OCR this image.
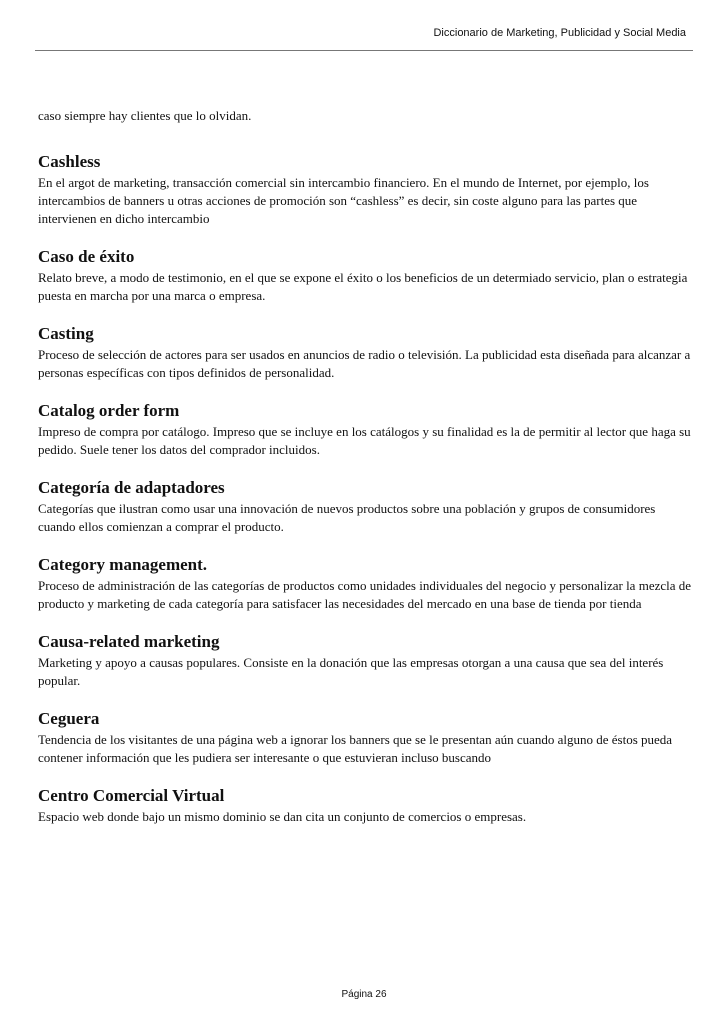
Diccionario de Marketing, Publicidad y Social Media

caso siempre hay clientes que lo olvidan.

Cashless

En el argot de marketing, transacción comercial sin intercambio financiero. En el mundo de Internet, por ejemplo, los intercambios de banners u otras acciones de promoción son “cashless” es decir, sin coste alguno para las partes que intervienen en dicho intercambio

Caso de éxito

Relato breve, a modo de testimonio, en el que se expone el éxito o los beneficios de un determiado servicio, plan o estrategia puesta en marcha por una marca o empresa.

Casting

Proceso de selección de actores para ser usados en anuncios de radio o televisión. La publicidad esta diseñada para alcanzar a personas específicas con tipos definidos de personalidad.

Catalog order form

Impreso de compra por catálogo. Impreso que se incluye en los catálogos y su finalidad es la de permitir al lector que haga su pedido. Suele tener los datos del comprador incluidos.

Categoría de adaptadores

Categorías que ilustran como usar una innovación de nuevos productos sobre una población y grupos de consumidores cuando ellos comienzan a comprar el producto.

Category management.

Proceso de administración de las categorías de productos como unidades individuales del negocio y personalizar la mezcla de producto y marketing de cada categoría para satisfacer las necesidades del mercado en una base de tienda por tienda

Causa-related marketing

Marketing y apoyo a causas populares. Consiste en la donación que las empresas otorgan a una causa que sea del interés popular.

Ceguera

Tendencia de los visitantes de una página web a ignorar los banners que se le presentan aún cuando alguno de éstos pueda contener información que les pudiera ser interesante o que estuvieran incluso buscando

Centro Comercial Virtual

Espacio web donde bajo un mismo dominio se dan cita un conjunto de comercios o empresas.

Página 26
